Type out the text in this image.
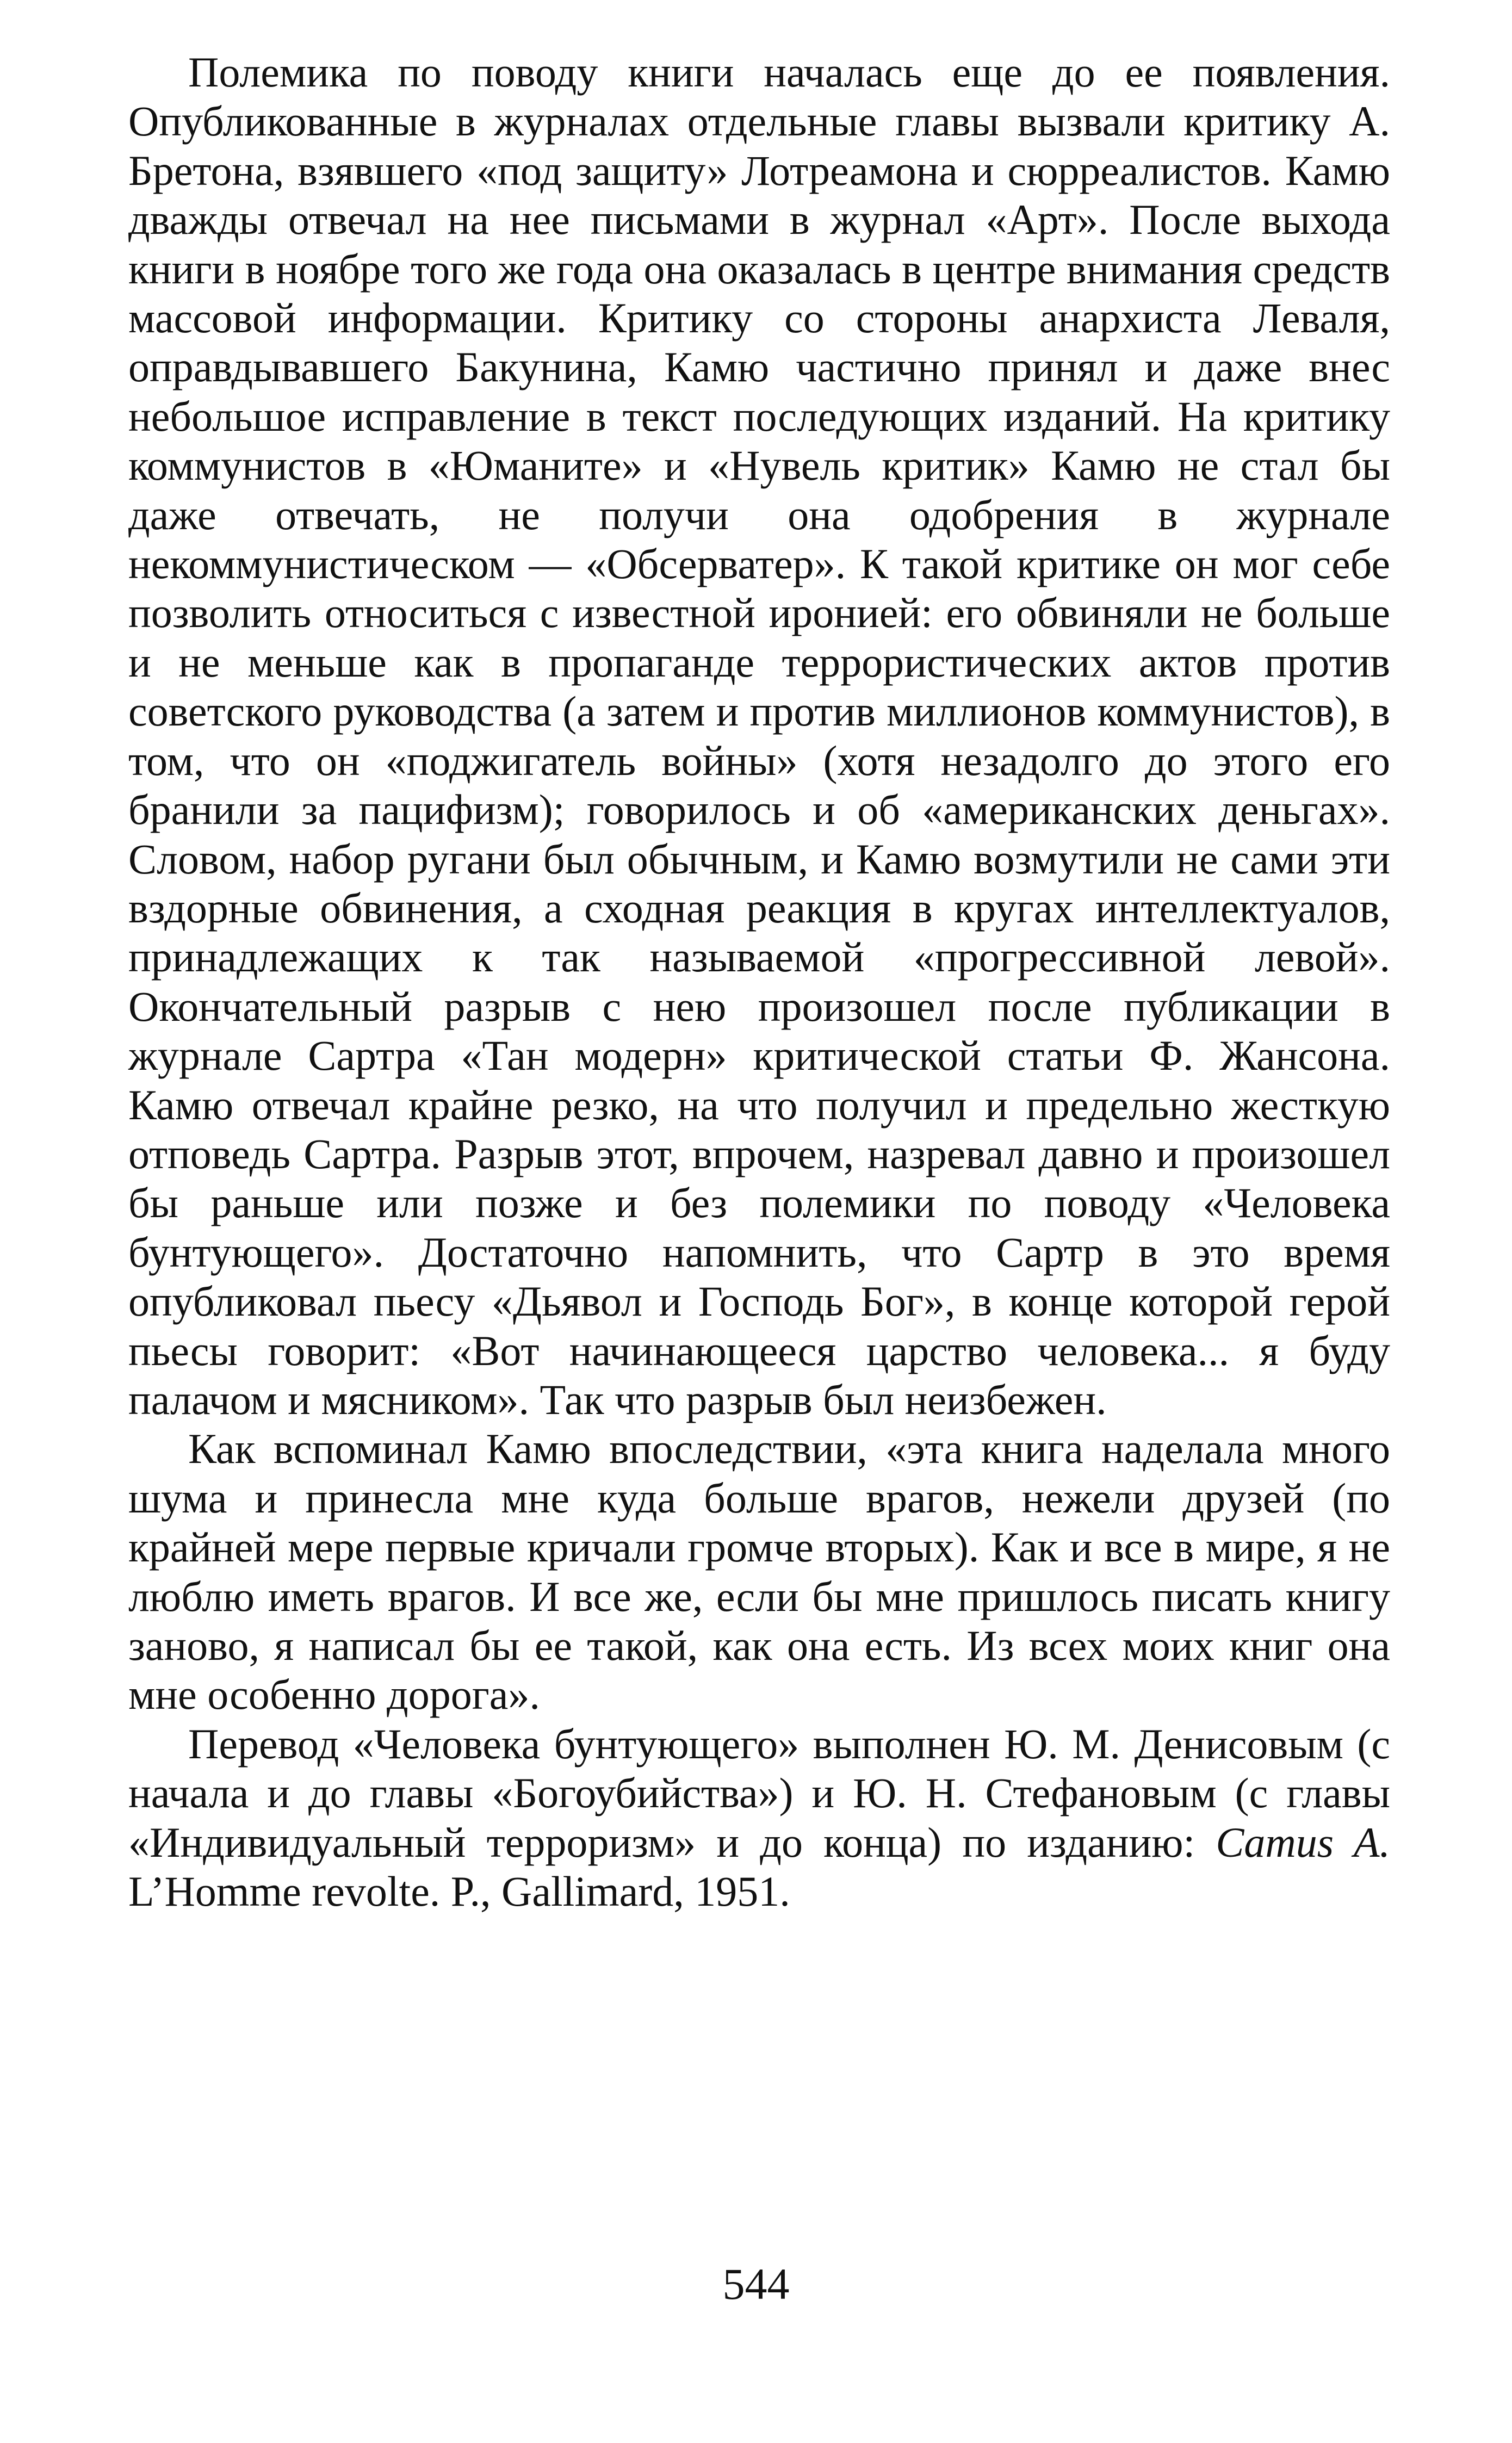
Полемика по поводу книги началась еще до ее появления. Опубликованные в журналах отдельные главы вызвали критику А. Бретона, взявшего «под защиту» Лотреамона и сюрреалистов. Камю дважды отвечал на нее письмами в журнал «Арт». После выхода книги в ноябре того же года она оказалась в центре внимания средств массовой информации. Критику со стороны анархиста Леваля, оправдывавшего Бакунина, Камю частично принял и даже внес небольшое исправление в текст последующих изданий. На критику коммунистов в «Юманите» и «Нувель критик» Камю не стал бы даже отвечать, не получи она одобрения в журнале некоммунистическом — «Обсерватер». К такой критике он мог себе позволить относиться с известной иронией: его обвиняли не больше и не меньше как в пропаганде террористических актов против советского руководства (а затем и против миллионов коммунистов), в том, что он «поджигатель войны» (хотя незадолго до этого его бранили за пацифизм); говорилось и об «американских деньгах». Словом, набор ругани был обычным, и Камю возмутили не сами эти вздорные обвинения, а сходная реакция в кругах интеллектуалов, принадлежащих к так называемой «прогрессивной левой». Окончательный разрыв с нею произошел после публикации в журнале Сартра «Тан модерн» критической статьи Ф. Жансона. Камю отвечал крайне резко, на что получил и предельно жесткую отповедь Сартра. Разрыв этот, впрочем, назревал давно и произошел бы раньше или позже и без полемики по поводу «Человека бунтующего». Достаточно напомнить, что Сартр в это время опубликовал пьесу «Дьявол и Господь Бог», в конце которой герой пьесы говорит: «Вот начинающееся царство человека... я буду палачом и мясником». Так что разрыв был неизбежен.

Как вспоминал Камю впоследствии, «эта книга наделала много шума и принесла мне куда больше врагов, нежели друзей (по крайней мере первые кричали громче вторых). Как и все в мире, я не люблю иметь врагов. И все же, если бы мне пришлось писать книгу заново, я написал бы ее такой, как она есть. Из всех моих книг она мне особенно дорога».

Перевод «Человека бунтующего» выполнен Ю. М. Денисовым (с начала и до главы «Богоубийства») и Ю. Н. Стефановым (с главы «Индивидуальный терроризм» и до конца) по изданию: Camus A. L’Homme revolte. P., Gallimard, 1951.

544
